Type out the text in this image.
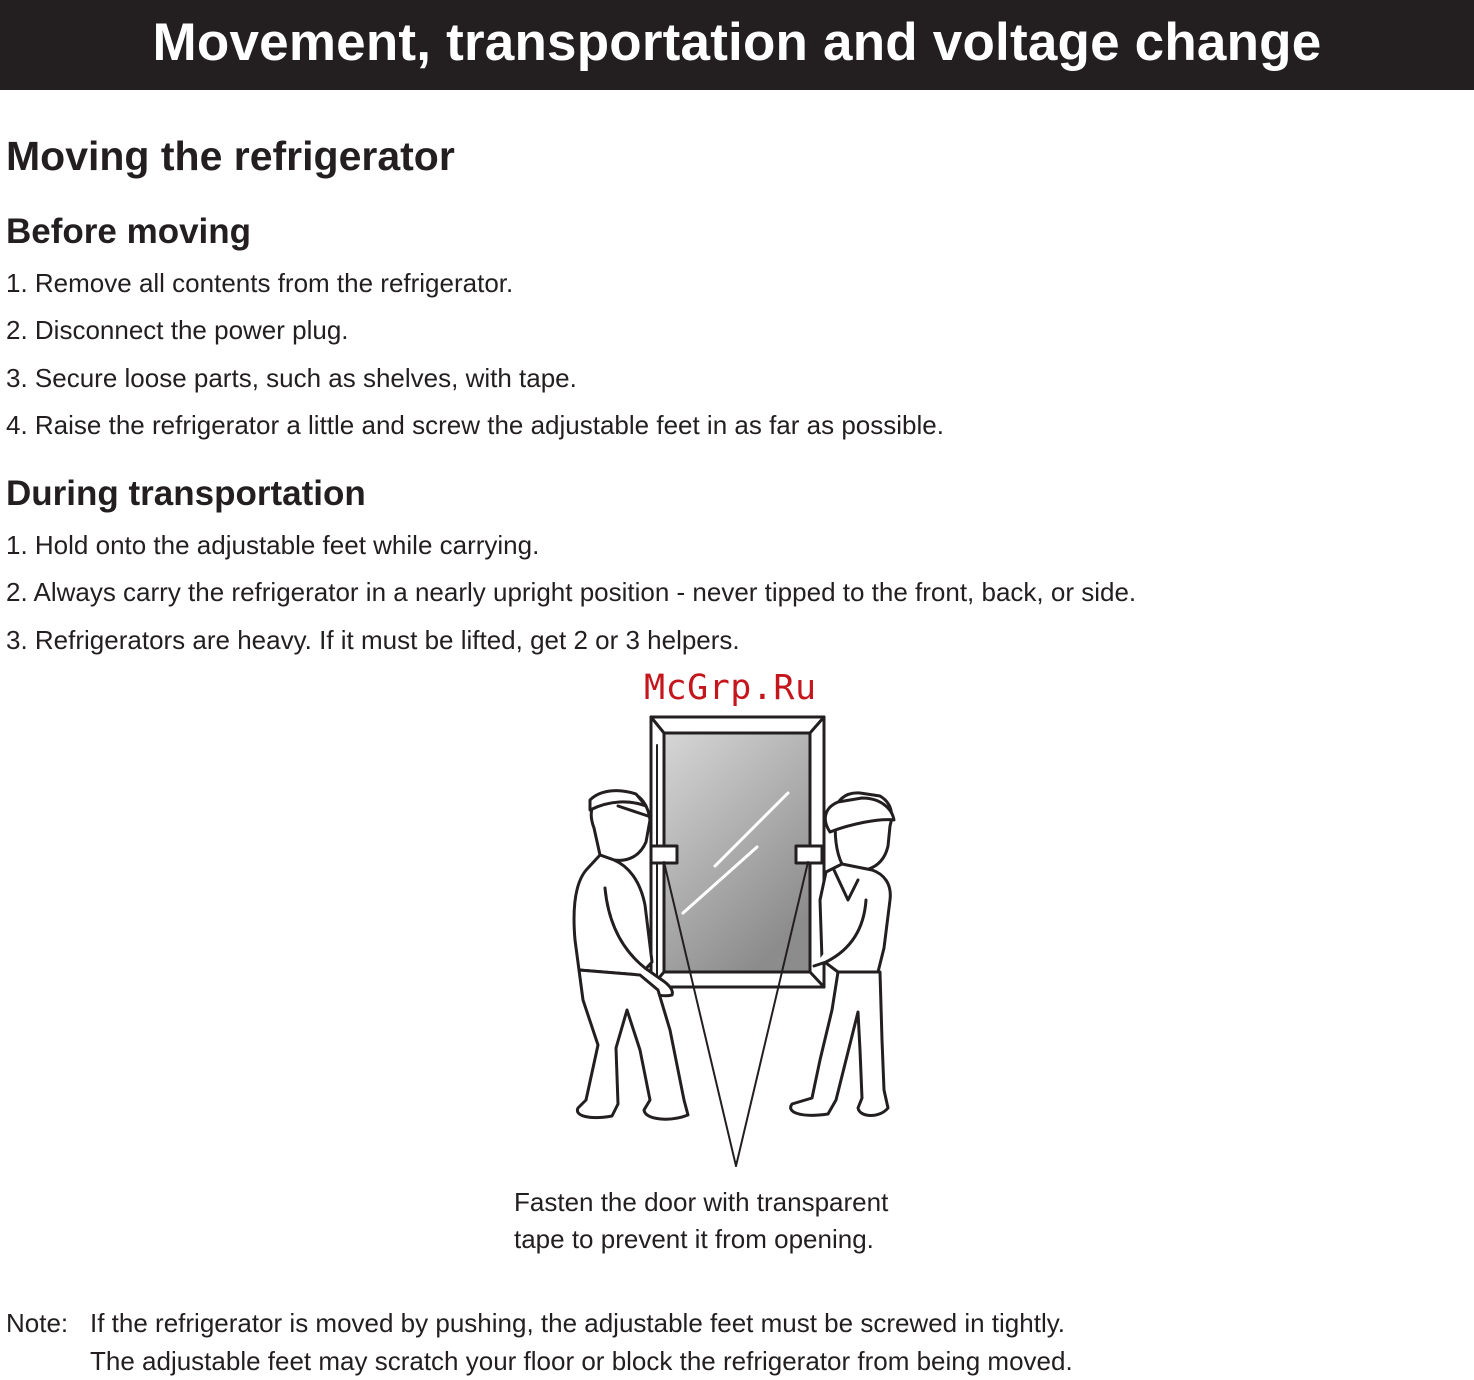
Movement, transportation and voltage change
Moving the refrigerator
Before moving

1. Remove all contents from the refrigerator.

2. Disconnect the power plug.

3. Secure loose parts, such as shelves, with tape.

4. Raise the refrigerator a little and screw the adjustable feet in as far as possible.

During transportation

1. Hold onto the adjustable feet while carrying.

2. Always carry the refrigerator in a nearly upright position - never tipped to the front, back, or side.

3. Refrigerators are heavy. If it must be lifted, get 2 or 3 helpers.

McGrp.Ru
Fasten the door with transparent
tape to prevent it from opening.
Note: If the refrigerator is moved by pushing, the adjustable feet must be screwed in tightly.
The adjustable feet may scratch your floor or block the refrigerator from being moved.
